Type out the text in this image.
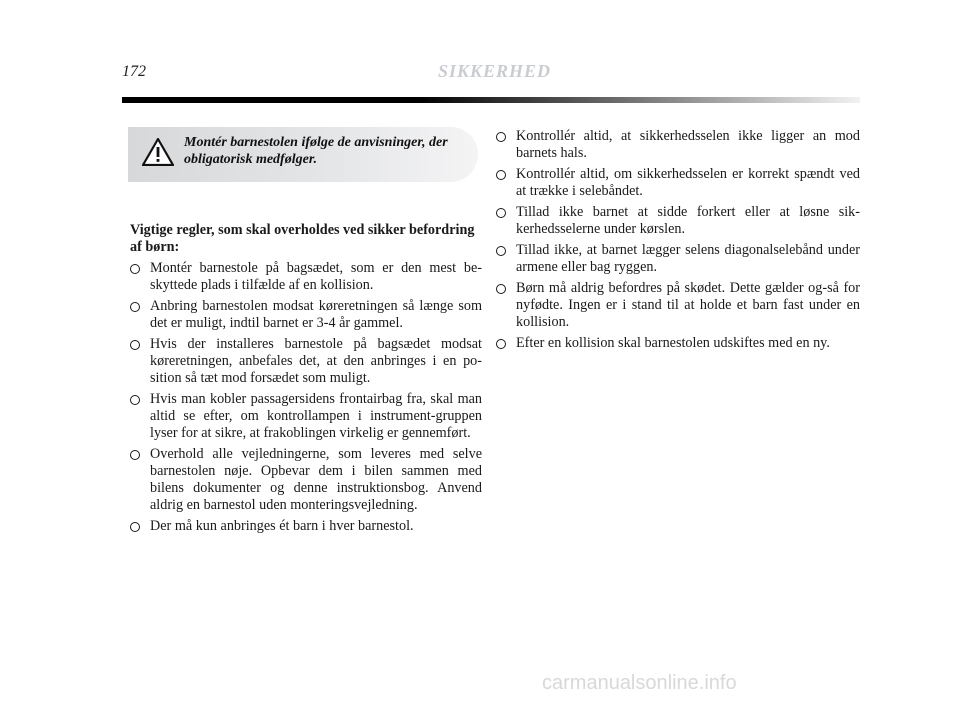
172	SIKKERHED
Montér barnestolen ifølge de anvisninger, der obligatorisk medfølger.
Vigtige regler, som skal overholdes ved sikker befordring af børn:
Montér barnestole på bagsædet, som er den mest be-skyttede plads i tilfælde af en kollision.
Anbring barnestolen modsat køreretningen så længe som det er muligt, indtil barnet er 3-4 år gammel.
Hvis der installeres barnestole på bagsædet modsat køreretningen, anbefales det, at den anbringes i en po-sition så tæt mod forsædet som muligt.
Hvis man kobler passagersidens frontairbag fra, skal man altid se efter, om kontrollampen i instrument-gruppen lyser for at sikre, at frakoblingen virkelig er gennemført.
Overhold alle vejledningerne, som leveres med selve barnestolen nøje. Opbevar dem i bilen sammen med bilens dokumenter og denne instruktionsbog. Anvend aldrig en barnestol uden monteringsvejledning.
Der må kun anbringes ét barn i hver barnestol.
Kontrollér altid, at sikkerhedsselen ikke ligger an mod barnets hals.
Kontrollér altid, om sikkerhedsselen er korrekt spændt ved at trække i selebåndet.
Tillad ikke barnet at sidde forkert eller at løsne sik-kerhedsselerne under kørslen.
Tillad ikke, at barnet lægger selens diagonalselebånd under armene eller bag ryggen.
Børn må aldrig befordres på skødet. Dette gælder og-så for nyfødte. Ingen er i stand til at holde et barn fast under en kollision.
Efter en kollision skal barnestolen udskiftes med en ny.
carmanualsonline.info
